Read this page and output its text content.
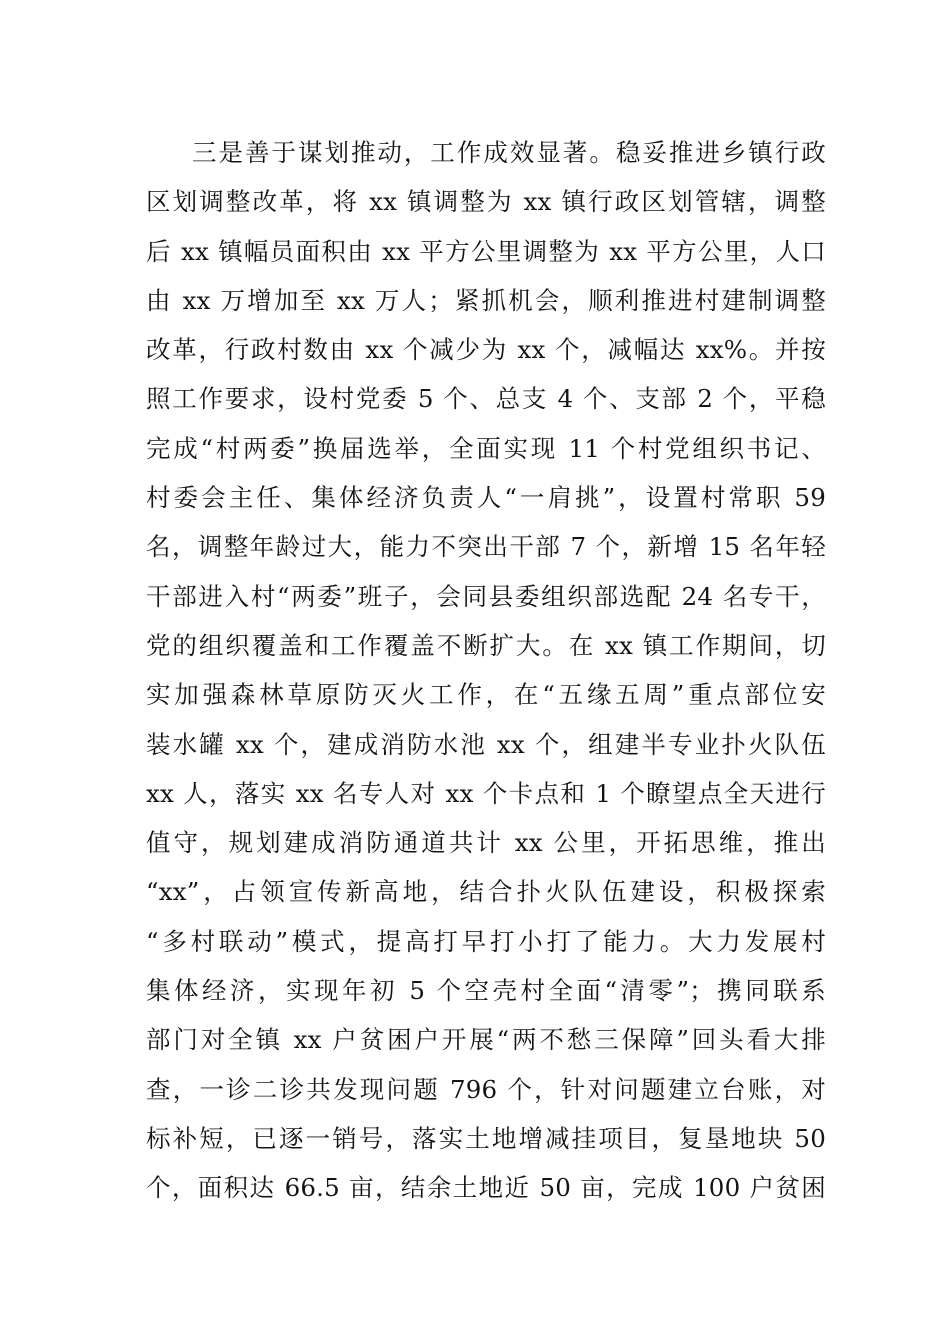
三是善于谋划推动，工作成效显著。稳妥推进乡镇行政
区划调整改革，将 xx 镇调整为 xx 镇行政区划管辖，调整
后 xx 镇幅员面积由 xx 平方公里调整为 xx 平方公里，人口
由 xx 万增加至 xx 万人；紧抓机会，顺利推进村建制调整
改革，行政村数由 xx 个减少为 xx 个，减幅达 xx%。并按
照工作要求，设村党委 5 个、总支 4 个、支部 2 个，平稳
完成“村两委”换届选举，全面实现 11 个村党组织书记、
村委会主任、集体经济负责人“一肩挑”，设置村常职 59
名，调整年龄过大，能力不突出干部 7 个，新增 15 名年轻
干部进入村“两委”班子，会同县委组织部选配 24 名专干，
党的组织覆盖和工作覆盖不断扩大。在 xx 镇工作期间，切
实加强森林草原防灭火工作，在“五缘五周”重点部位安
装水罐 xx 个，建成消防水池 xx 个，组建半专业扑火队伍
xx 人，落实 xx 名专人对 xx 个卡点和 1 个瞭望点全天进行
值守，规划建成消防通道共计 xx 公里，开拓思维，推出
“xx”，占领宣传新高地，结合扑火队伍建设，积极探索
“多村联动”模式，提高打早打小打了能力。大力发展村
集体经济，实现年初 5 个空壳村全面“清零”；携同联系
部门对全镇 xx 户贫困户开展“两不愁三保障”回头看大排
查，一诊二诊共发现问题 796 个，针对问题建立台账，对
标补短，已逐一销号，落实土地增减挂项目，复垦地块 50
个，面积达 66.5 亩，结余土地近 50 亩，完成 100 户贫困
